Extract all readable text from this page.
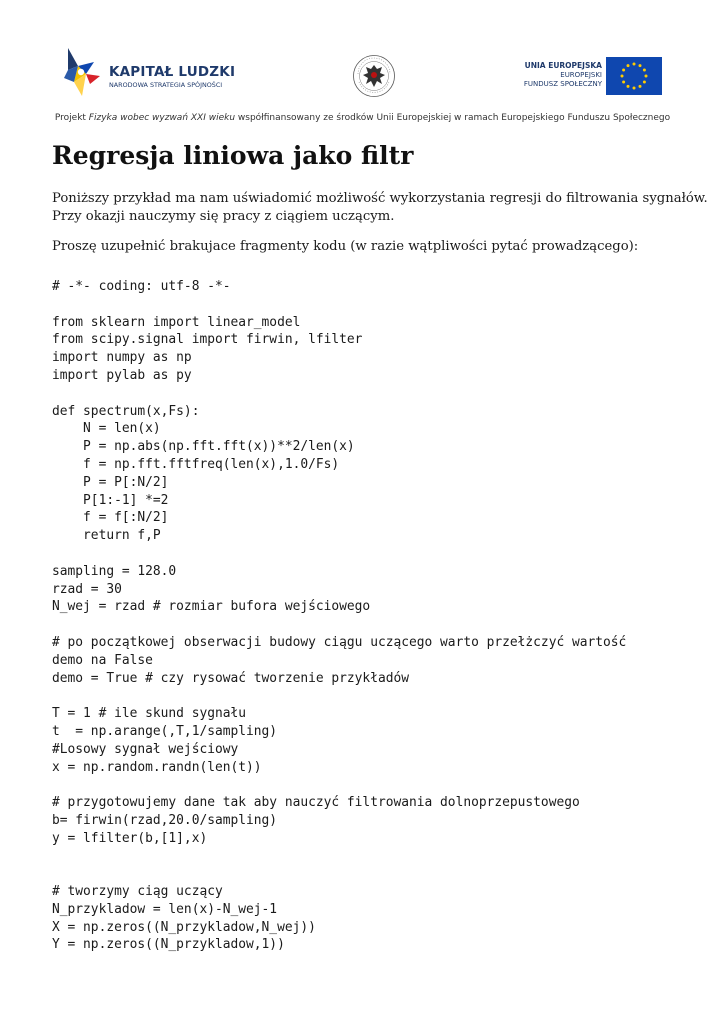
KAPITAŁ LUDZKI
NARODOWA STRATEGIA SPÓJNOŚCI
UNIA EUROPEJSKA
EUROPEJSKI
FUNDUSZ SPOŁECZNY
Projekt Fizyka wobec wyzwań XXI wieku współfinansowany ze środków Unii Europejskiej w ramach Europejskiego Funduszu Społecznego
Regresja liniowa jako filtr

Poniższy przykład ma nam uświadomić możliwość wykorzystania regresji do filtrowania sygnałów.
Przy okazji nauczymy się pracy z ciągiem uczącym.

Proszę uzupełnić brakujace fragmenty kodu (w razie wątpliwości pytać prowadzącego):

# -*- coding: utf-8 -*-
from sklearn import linear_model
from scipy.signal import firwin, lfilter
import numpy as np
import pylab as py
def spectrum(x,Fs):
N = len(x)
P = np.abs(np.fft.fft(x))**2/len(x)
f = np.fft.fftfreq(len(x),1.0/Fs)
P = P[:N/2]
P[1:-1] *=2
f = f[:N/2]
return f,P
sampling = 128.0
rzad = 30
N_wej = rzad # rozmiar bufora wejściowego
# po początkowej obserwacji budowy ciągu uczącego warto przełżczyć wartość
demo na False
demo = True # czy rysować tworzenie przykładów
T = 1 # ile skund sygnału
t  = np.arange(,T,1/sampling)
#Losowy sygnał wejściowy
x = np.random.randn(len(t))
# przygotowujemy dane tak aby nauczyć filtrowania dolnoprzepustowego
b= firwin(rzad,20.0/sampling)
y = lfilter(b,[1],x)
# tworzymy ciąg uczący
N_przykladow = len(x)-N_wej-1
X = np.zeros((N_przykladow,N_wej))
Y = np.zeros((N_przykladow,1))
